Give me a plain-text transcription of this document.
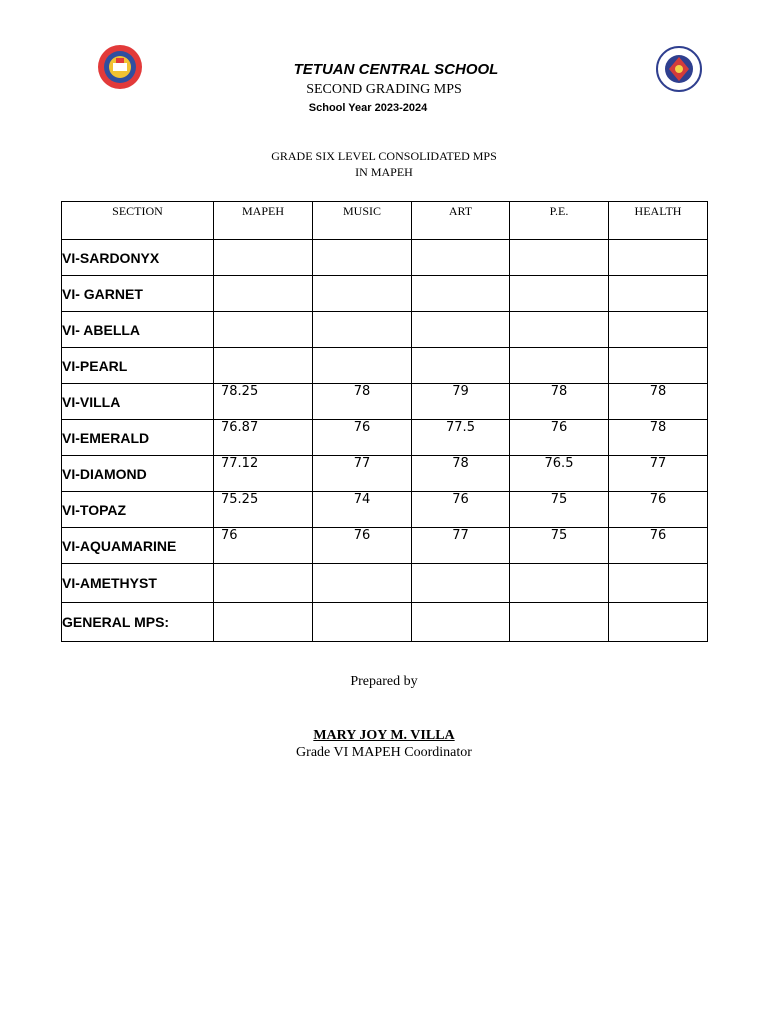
TETUAN CENTRAL SCHOOL
SECOND GRADING MPS
School Year 2023-2024
GRADE SIX LEVEL CONSOLIDATED MPS
IN MAPEH
SECTION	MAPEH	MUSIC	ART	P.E.	HEALTH
VI-SARDONYX					
VI- GARNET					
VI- ABELLA					
VI-PEARL					
VI-VILLA	78.25	78	79	78	78
VI-EMERALD	76.87	76	77.5	76	78
VI-DIAMOND	77.12	77	78	76.5	77
VI-TOPAZ	75.25	74	76	75	76
VI-AQUAMARINE	76	76	77	75	76
VI-AMETHYST					
GENERAL MPS:					
Prepared by
MARY JOY M. VILLA
Grade VI MAPEH Coordinator
